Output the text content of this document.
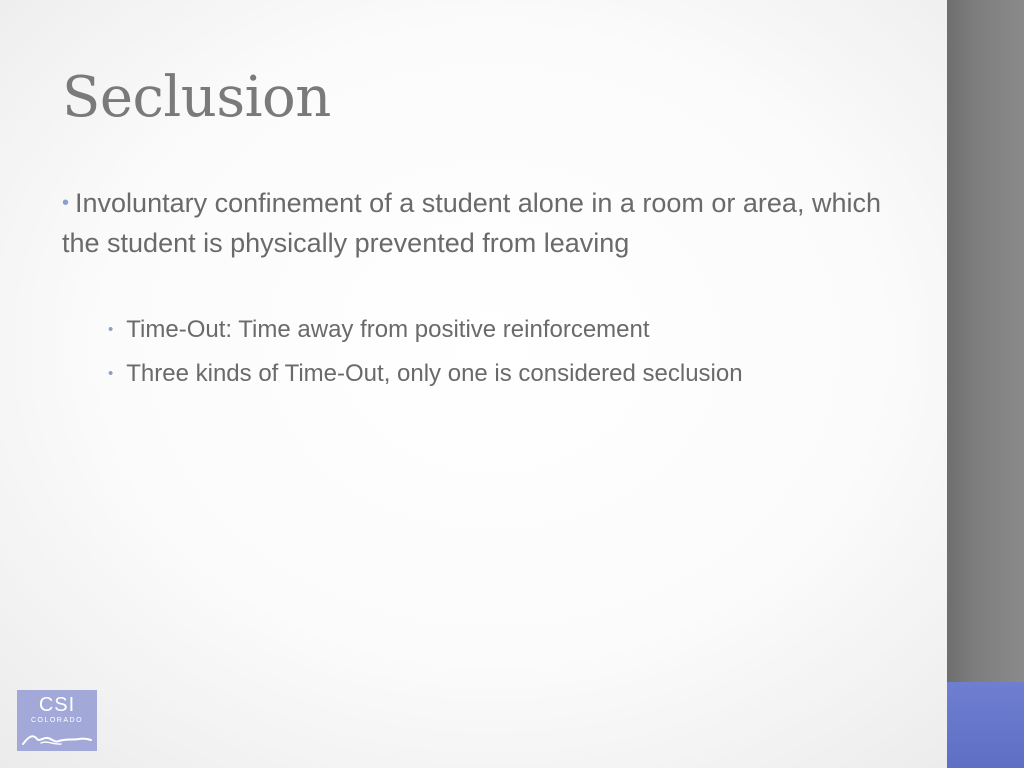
Seclusion

• Involuntary confinement of a student alone in a room or area, which the student is physically prevented from leaving

• Time-Out: Time away from positive reinforcement
• Three kinds of Time-Out, only one is considered seclusion
CSI
COLORADO
